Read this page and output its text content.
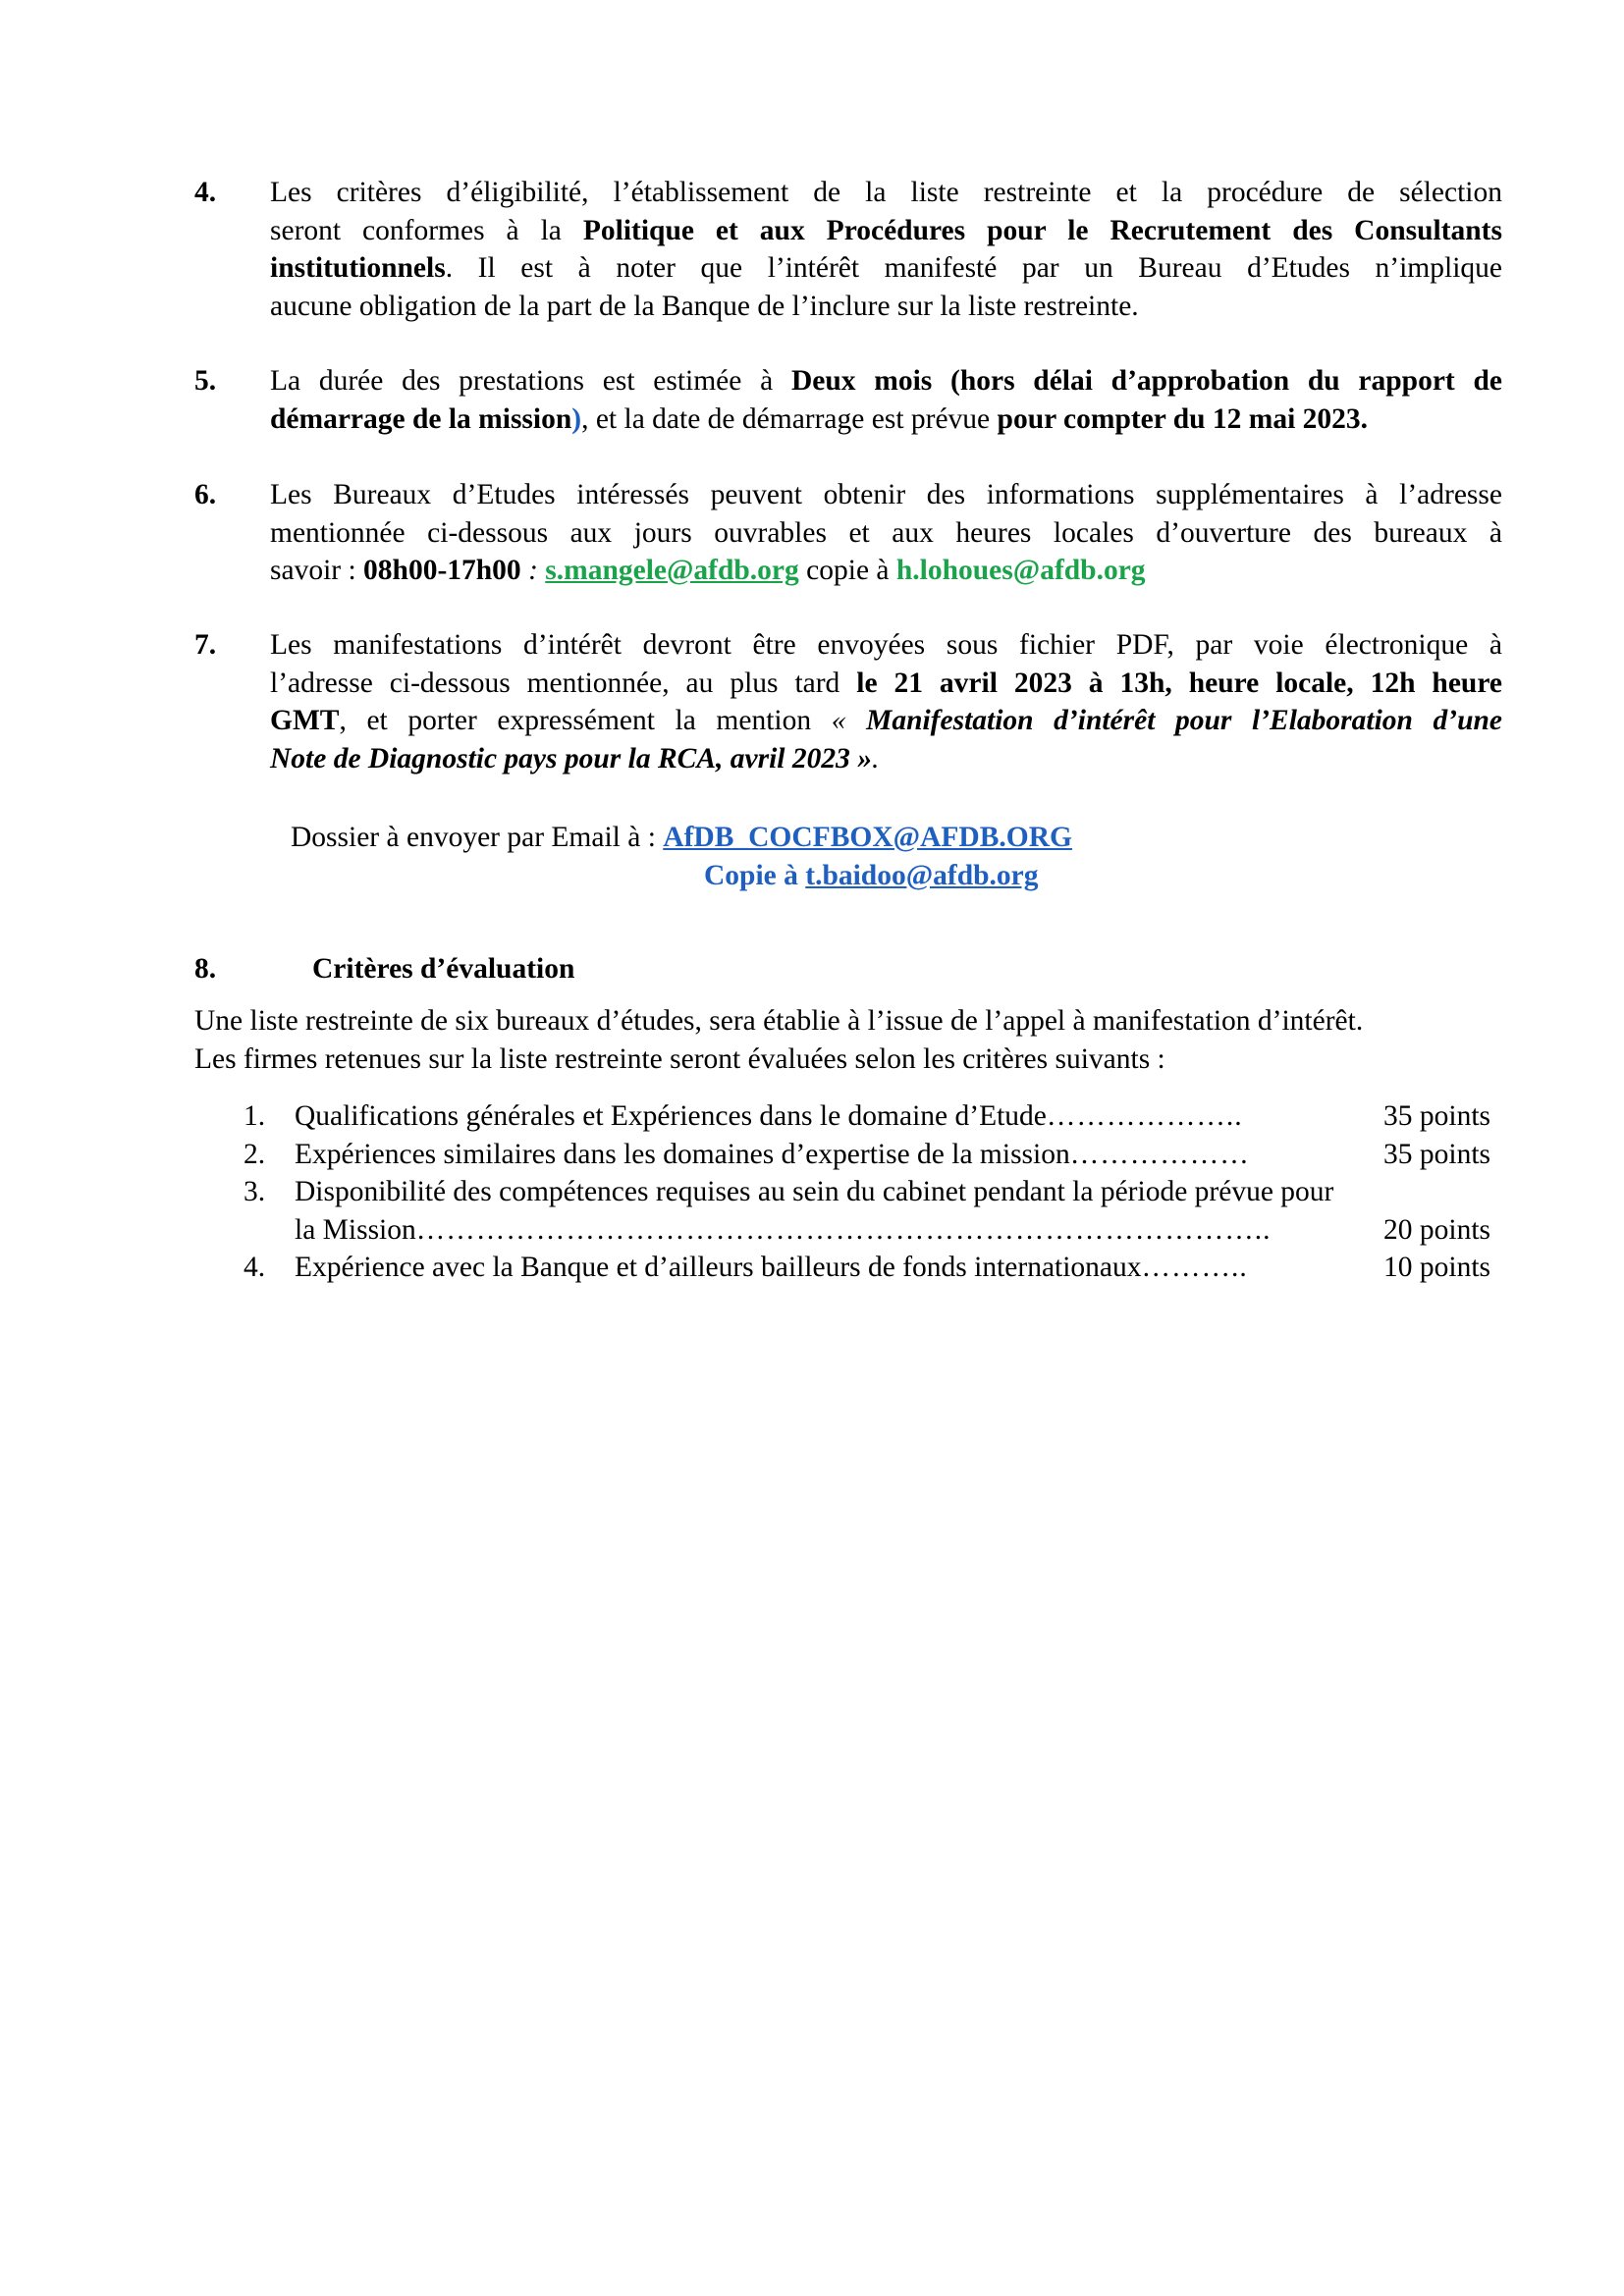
4. Les critères d’éligibilité, l’établissement de la liste restreinte et la procédure de sélection
seront conformes à la Politique et aux Procédures pour le Recrutement des Consultants
institutionnels. Il est à noter que l’intérêt manifesté par un Bureau d’Etudes n’implique
aucune obligation de la part de la Banque de l’inclure sur la liste restreinte.
5. La durée des prestations est estimée à Deux mois (hors délai d’approbation du rapport de
démarrage de la mission), et la date de démarrage est prévue pour compter du 12 mai 2023.
6. Les Bureaux d’Etudes intéressés peuvent obtenir des informations supplémentaires à l’adresse
mentionnée ci-dessous aux jours ouvrables et aux heures locales d’ouverture des bureaux à
savoir : 08h00-17h00 : s.mangele@afdb.org copie à h.lohoues@afdb.org
7. Les manifestations d’intérêt devront être envoyées sous fichier PDF, par voie électronique à
l’adresse ci-dessous mentionnée, au plus tard le 21 avril 2023 à 13h, heure locale, 12h heure
GMT, et porter expressément la mention « Manifestation d’intérêt pour l’Elaboration d’une
Note de Diagnostic pays pour la RCA, avril 2023 ».
Dossier à envoyer par Email à : AfDB_COCFBOX@AFDB.ORG
Copie à t.baidoo@afdb.org
8.	Critères d’évaluation
Une liste restreinte de six bureaux d’études, sera établie à l’issue de l’appel à manifestation d’intérêt.
Les firmes retenues sur la liste restreinte seront évaluées selon les critères suivants :
1. Qualifications générales et Expériences dans le domaine d’Etude ………………..	35 points
2. Expériences similaires dans les domaines d’expertise de la mission ………………	35 points
3. Disponibilité des compétences requises au sein du cabinet pendant la période prévue pour
la Mission …………………………………………………………………………..	20 points
4. Expérience avec la Banque et d’ailleurs bailleurs de fonds internationaux ………..	10 points
